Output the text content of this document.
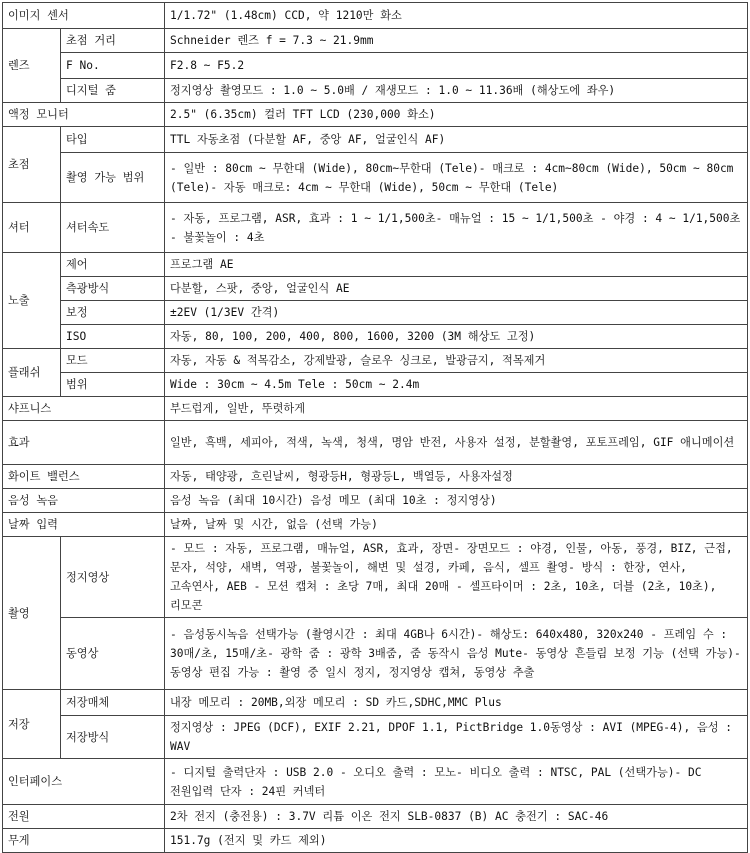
이미지 센서		1/1.72" (1.48cm) CCD, 약 1210만 화소
렌즈	초점 거리	Schneider 렌즈 f = 7.3 ~ 21.9mm
	F No.	F2.8 ~ F5.2
	디지털 줌	정지영상 촬영모드 : 1.0 ~ 5.0배 / 재생모드 : 1.0 ~ 11.36배 (해상도에 좌우)
액정 모니터		2.5" (6.35cm) 컬러 TFT LCD (230,000 화소)
초점	타입	TTL 자동초점 (다분할 AF, 중앙 AF, 얼굴인식 AF)
	촬영 가능 범위	- 일반 : 80cm ~ 무한대 (Wide), 80cm~무한대 (Tele)- 매크로 : 4cm~80cm (Wide), 50cm ~ 80cm (Tele)- 자동 매크로: 4cm ~ 무한대 (Wide), 50cm ~ 무한대 (Tele)
셔터	셔터속도	- 자동, 프로그램, ASR, 효과 : 1 ~ 1/1,500초- 매뉴얼 : 15 ~ 1/1,500초 - 야경 : 4 ~ 1/1,500초 - 불꽃놀이 : 4초
노출	제어	프로그램 AE
	측광방식	다분할, 스팟, 중앙, 얼굴인식 AE
	보정	±2EV (1/3EV 간격)
	ISO	자동, 80, 100, 200, 400, 800, 1600, 3200 (3M 해상도 고정)
플래쉬	모드	자동, 자동 & 적목감소, 강제발광, 슬로우 싱크로, 발광금지, 적목제거
	범위	Wide : 30cm ~ 4.5m Tele : 50cm ~ 2.4m
샤프니스		부드럽게, 일반, 뚜렷하게
효과		일반, 흑백, 세피아, 적색, 녹색, 청색, 명암 반전, 사용자 설정, 분할촬영, 포토프레임, GIF 애니메이션
화이트 밸런스		자동, 태양광, 흐린날씨, 형광등H, 형광등L, 백열등, 사용자설정
음성 녹음		음성 녹음 (최대 10시간) 음성 메모 (최대 10초 : 정지영상)
날짜 입력		날짜, 날짜 및 시간, 없음 (선택 가능)
촬영	정지영상	- 모드 : 자동, 프로그램, 매뉴얼, ASR, 효과, 장면- 장면모드 : 야경, 인물, 아동, 풍경, BIZ, 근접, 문자, 석양, 새벽, 역광, 불꽃놀이, 해변 및 설경, 카페, 음식, 셀프 촬영- 방식 : 한장, 연사, 고속연사, AEB - 모션 캡쳐 : 초당 7매, 최대 20매 - 셀프타이머 : 2초, 10초, 더블 (2초, 10초), 리모콘
	동영상	- 음성동시녹음 선택가능 (촬영시간 : 최대 4GB나 6시간)- 해상도: 640x480, 320x240 - 프레임 수 : 30매/초, 15매/초- 광학 줌 : 광학 3배줌, 줌 동작시 음성 Mute- 동영상 흔들림 보정 기능 (선택 가능)- 동영상 편집 가능 : 촬영 중 일시 정지, 정지영상 캡쳐, 동영상 추출
저장	저장매체	내장 메모리 : 20MB,외장 메모리 : SD 카드,SDHC,MMC Plus
	저장방식	정지영상 : JPEG (DCF), EXIF 2.21, DPOF 1.1, PictBridge 1.0동영상 : AVI (MPEG-4), 음성 : WAV
인터페이스		- 디지털 출력단자 : USB 2.0 - 오디오 출력 : 모노- 비디오 출력 : NTSC, PAL (선택가능)- DC 전원입력 단자 : 24핀 커넥터
전원		2차 전지 (충전용) : 3.7V 리튬 이온 전지 SLB-0837 (B) AC 충전기 : SAC-46
무게		151.7g (전지 및 카드 제외)
